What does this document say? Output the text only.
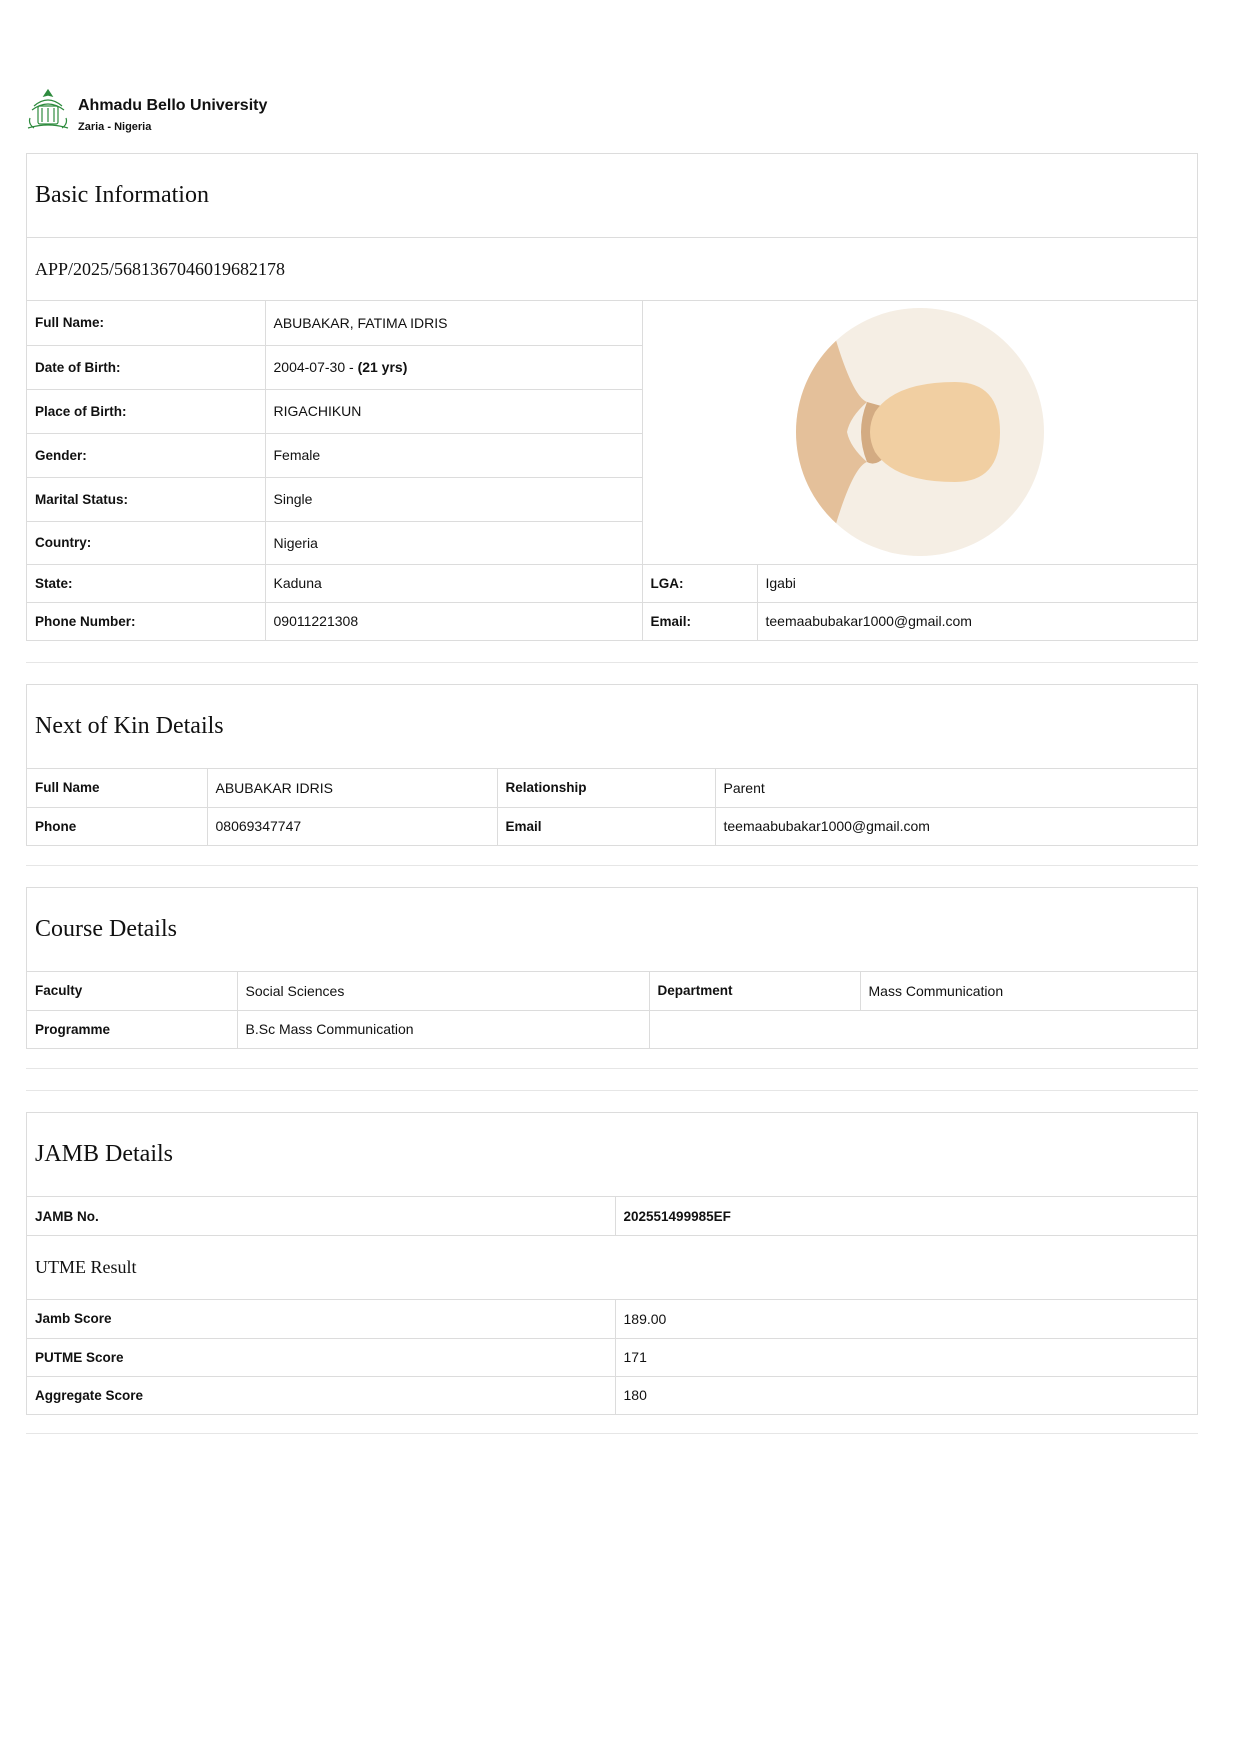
Ahmadu Bello University
Zaria - Nigeria
Basic Information
APP/2025/5681367046019682178
Full Name:	ABUBAKAR, FATIMA IDRIS	

Date of Birth:	2004-07-30 - (21 yrs)		
Place of Birth:	RIGACHIKUN		
Gender:	Female		
Marital Status:	Single		
Country:	Nigeria		
State:	Kaduna	LGA:	Igabi
Phone Number:	09011221308	Email:	teemaabubakar1000@gmail.com
Next of Kin Details
Full Name	ABUBAKAR IDRIS	Relationship	Parent
Phone	08069347747	Email	teemaabubakar1000@gmail.com
Course Details
Faculty	Social Sciences	Department	Mass Communication
Programme	B.Sc Mass Communication		
JAMB Details
JAMB No.	202551499985EF
UTME Result
Jamb Score	189.00
PUTME Score	171
Aggregate Score	180
